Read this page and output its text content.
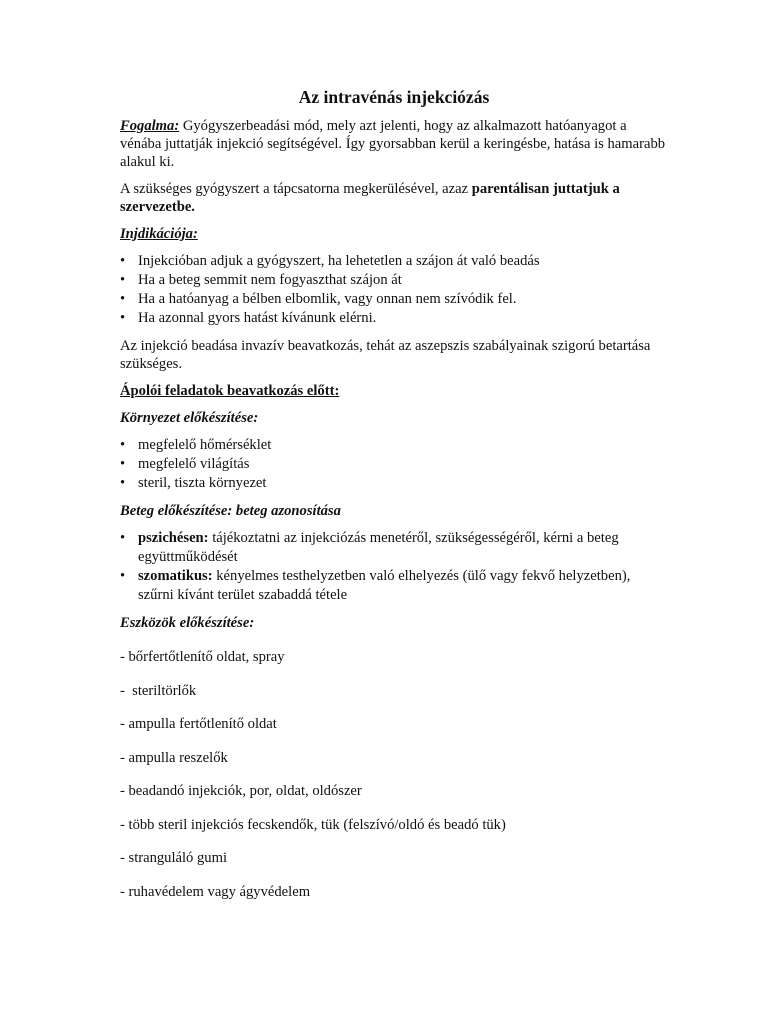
Az intravénás injekciózás

Fogalma: Gyógyszerbeadási mód, mely azt jelenti, hogy az alkalmazott hatóanyagot a vénába juttatják injekció segítségével. Így gyorsabban kerül a keringésbe, hatása is hamarabb alakul ki.

A szükséges gyógyszert a tápcsatorna megkerülésével, azaz parentálisan juttatjuk a szervezetbe.

Injdikációja:

• Injekcióban adjuk a gyógyszert, ha lehetetlen a szájon át való beadás
• Ha a beteg semmit nem fogyaszthat szájon át
• Ha a hatóanyag a bélben elbomlik, vagy onnan nem szívódik fel.
• Ha azonnal gyors hatást kívánunk elérni.

Az injekció beadása invazív beavatkozás, tehát az aszepszis szabályainak szigorú betartása szükséges.

Ápolói feladatok beavatkozás előtt:

Környezet előkészítése:

• megfelelő hőmérséklet
• megfelelő világítás
• steril, tiszta környezet

Beteg előkészítése: beteg azonosítása

• pszichésen: tájékoztatni az injekciózás menetéről, szükségességéről, kérni a beteg együttműködését
• szomatikus: kényelmes testhelyzetben való elhelyezés (ülő vagy fekvő helyzetben), szűrni kívánt terület szabaddá tétele

Eszközök előkészítése:

- bőrfertőtlenítő oldat, spray

-  steriltörlők

- ampulla fertőtlenítő oldat

- ampulla reszelők

- beadandó injekciók, por, oldat, oldószer

- több steril injekciós fecskendők, tük (felszívó/oldó és beadó tük)

- stranguláló gumi

- ruhavédelem vagy ágyvédelem
